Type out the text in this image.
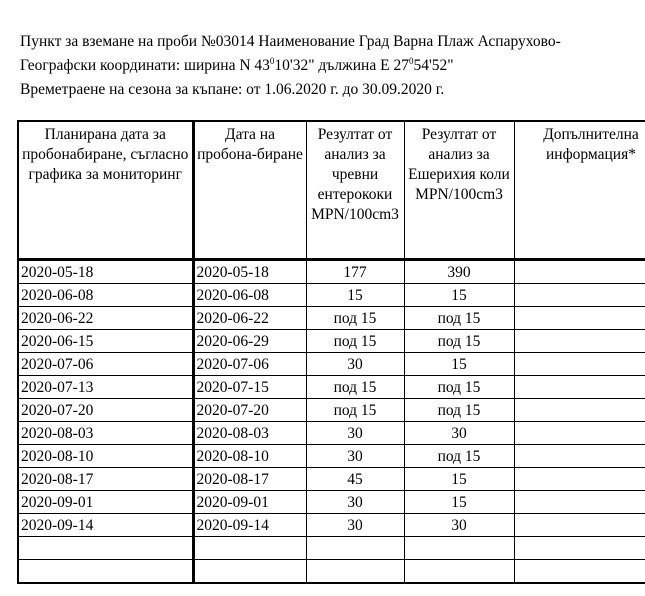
Пункт за вземане на проби №03014 Наименование Град Варна Плаж Аспарухово-
Географски координати: ширина N $43^010'32$" дължина E $27^054'52$"
Времетраене на сезона за къпане: от 1.06.2020 г. до 30.09.2020 г.
Планирана дата за пробонабиране, съгласно графика за мониторинг	Дата на пробона-биране	Резултат от анализ за чревни ентерококи MPN/100cm3	Резултат от анализ за Ешерихия коли MPN/100cm3	Допълнителна информация*
2020-05-18	2020-05-18	177	390	
2020-06-08	2020-06-08	15	15	
2020-06-22	2020-06-22	под 15	под 15	
2020-06-15	2020-06-29	под 15	под 15	
2020-07-06	2020-07-06	30	15	
2020-07-13	2020-07-15	под 15	под 15	
2020-07-20	2020-07-20	под 15	под 15	
2020-08-03	2020-08-03	30	30	
2020-08-10	2020-08-10	30	под 15	
2020-08-17	2020-08-17	45	15	
2020-09-01	2020-09-01	30	15	
2020-09-14	2020-09-14	30	30	
